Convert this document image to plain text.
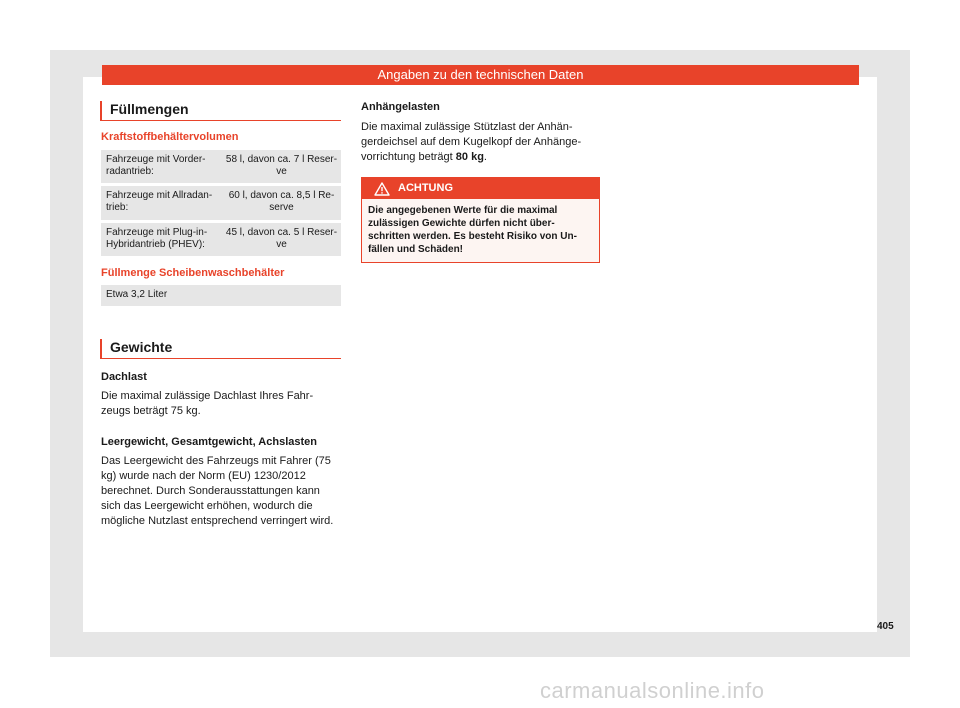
Angaben zu den technischen Daten
Füllmengen
Kraftstoffbehältervolumen
Fahrzeuge mit Vorder-radantrieb:
58 l, davon ca. 7 l Reser-ve
Fahrzeuge mit Allradan-trieb:
60 l, davon ca. 8,5 l Re-serve
Fahrzeuge mit Plug-in-Hybridantrieb (PHEV):
45 l, davon ca. 5 l Reser-ve
Füllmenge Scheibenwaschbehälter
Etwa 3,2 Liter
Gewichte
Dachlast
Die maximal zulässige Dachlast Ihres Fahr-zeugs beträgt 75 kg.
Leergewicht, Gesamtgewicht, Achslasten
Das Leergewicht des Fahrzeugs mit Fahrer (75 kg) wurde nach der Norm (EU) 1230/2012 berechnet. Durch Sonderausstattungen kann sich das Leergewicht erhöhen, wodurch die mögliche Nutzlast entsprechend verringert wird.
Anhängelasten
Die maximal zulässige Stützlast der Anhän-gerdeichsel auf dem Kugelkopf der Anhänge-vorrichtung beträgt 80 kg.
ACHTUNG
Die angegebenen Werte für die maximal zulässigen Gewichte dürfen nicht über-schritten werden. Es besteht Risiko von Un-fällen und Schäden!
405
carmanualsonline.info
